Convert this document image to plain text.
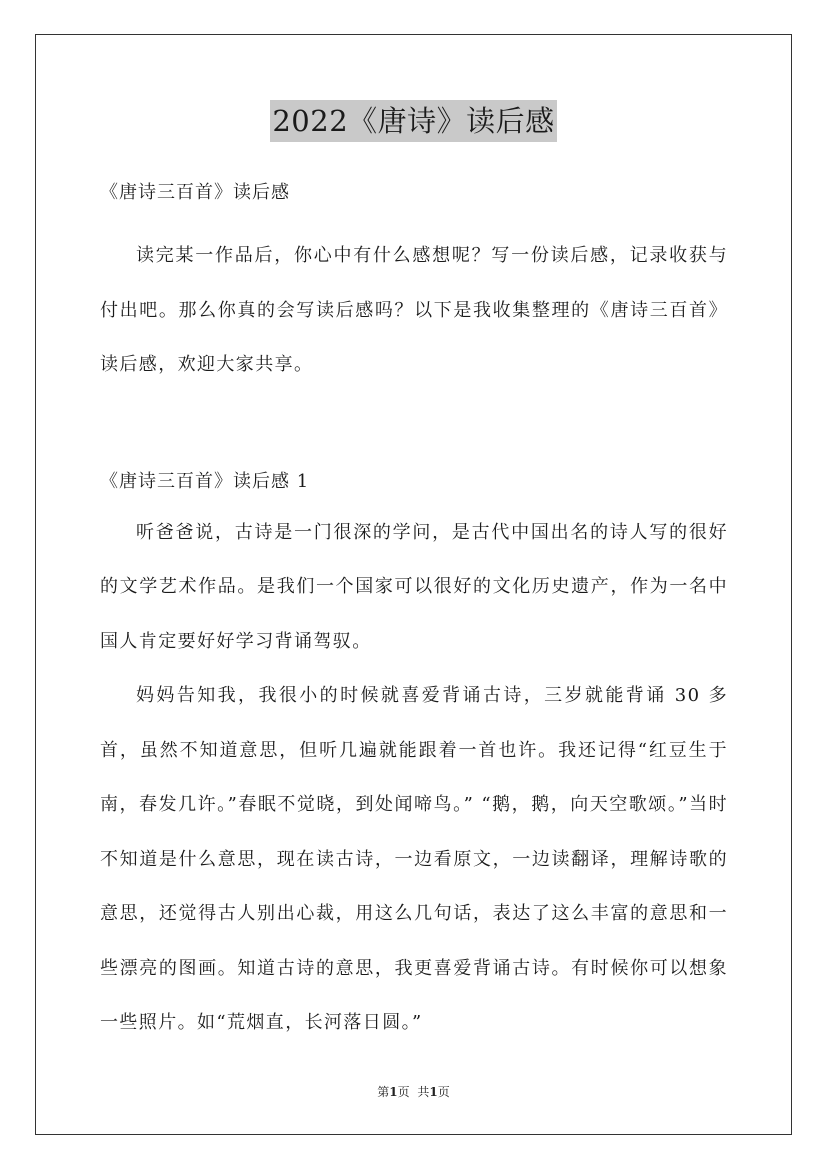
2022《唐诗》读后感

《唐诗三百首》读后感

读完某一作品后，你心中有什么感想呢？写一份读后感，记录收获与付出吧。那么你真的会写读后感吗？以下是我收集整理的《唐诗三百首》读后感，欢迎大家共享。

《唐诗三百首》读后感 1

听爸爸说，古诗是一门很深的学问，是古代中国出名的诗人写的很好的文学艺术作品。是我们一个国家可以很好的文化历史遗产，作为一名中国人肯定要好好学习背诵驾驭。

妈妈告知我，我很小的时候就喜爱背诵古诗，三岁就能背诵 30 多首，虽然不知道意思，但听几遍就能跟着一首也许。我还记得“红豆生于南，春发几许。”春眠不觉晓，到处闻啼鸟。” “鹅，鹅，向天空歌颂。”当时不知道是什么意思，现在读古诗，一边看原文，一边读翻译，理解诗歌的意思，还觉得古人别出心裁，用这么几句话，表达了这么丰富的意思和一些漂亮的图画。知道古诗的意思，我更喜爱背诵古诗。有时候你可以想象一些照片。如“荒烟直，长河落日圆。”

第1页 共1页
